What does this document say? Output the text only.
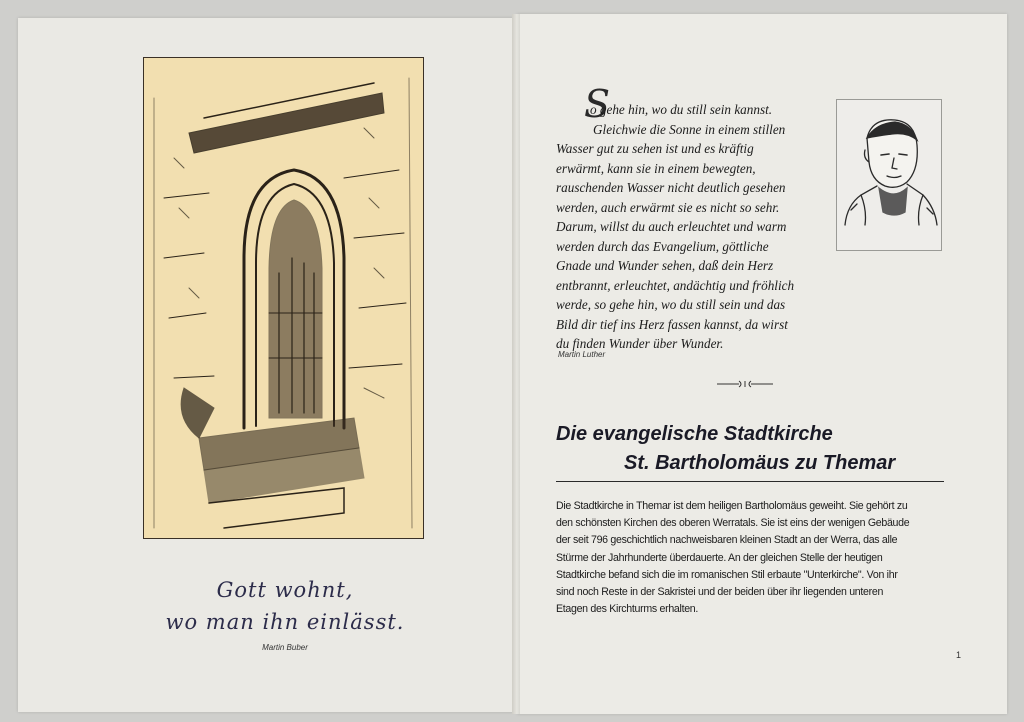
Gott wohnt,
wo man ihn einlässt.
Martin Buber
S
o gehe hin, wo du still sein kannst.
Gleichwie die Sonne in einem stillen
Wasser gut zu sehen ist und es kräftig
erwärmt, kann sie in einem bewegten,
rauschenden Wasser nicht deutlich gesehen
werden, auch erwärmt sie es nicht so sehr.
Darum, willst du auch erleuchtet und warm
werden durch das Evangelium, göttliche
Gnade und Wunder sehen, daß dein Herz
entbrannt, erleuchtet, andächtig und fröhlich
werde, so gehe hin, wo du still sein und das
Bild dir tief ins Herz fassen kannst, da wirst
du finden Wunder über Wunder.
Martin Luther
Die evangelische Stadtkirche
St. Bartholomäus zu Themar
Die Stadtkirche in Themar ist dem heiligen Bartholomäus geweiht. Sie gehört zu
den schönsten Kirchen des oberen Werratals. Sie ist eins der wenigen Gebäude
der seit 796 geschichtlich nachweisbaren kleinen Stadt an der Werra, das alle
Stürme der Jahrhunderte überdauerte. An der gleichen Stelle der heutigen
Stadtkirche befand sich die im romanischen Stil erbaute "Unterkirche". Von ihr
sind noch Reste in der Sakristei und der beiden über ihr liegenden unteren
Etagen des Kirchturms erhalten.
1
